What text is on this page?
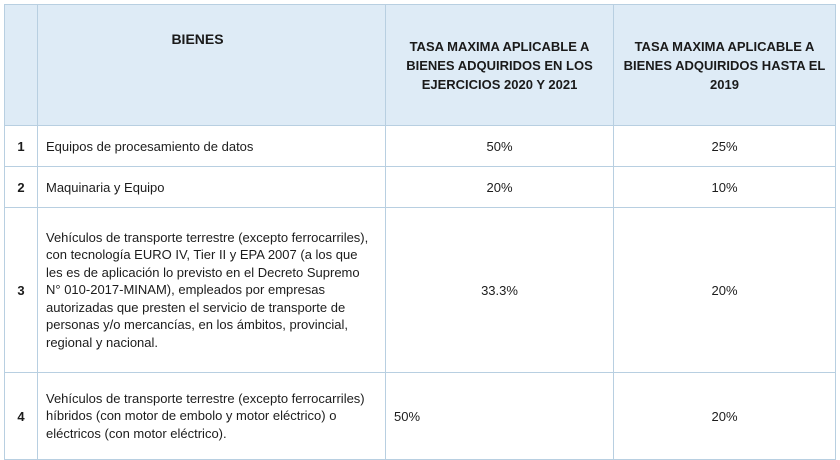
	BIENES	TASA MAXIMA APLICABLE A BIENES ADQUIRIDOS EN LOS EJERCICIOS 2020 Y 2021	TASA MAXIMA APLICABLE A BIENES ADQUIRIDOS HASTA EL 2019
1	Equipos de procesamiento de datos	50%	25%
2	Maquinaria y Equipo	20%	10%
3	Vehículos de transporte terrestre (excepto ferrocarriles), con tecnología EURO IV, Tier II y EPA 2007 (a los que les es de aplicación lo previsto en el Decreto Supremo N° 010-2017-MINAM), empleados por empresas autorizadas que presten el servicio de transporte de personas y/o mercancías, en los ámbitos, provincial, regional y nacional.	33.3%	20%
4	Vehículos de transporte terrestre (excepto ferrocarriles) híbridos (con motor de embolo y motor eléctrico) o eléctricos (con motor eléctrico).	50%	20%
